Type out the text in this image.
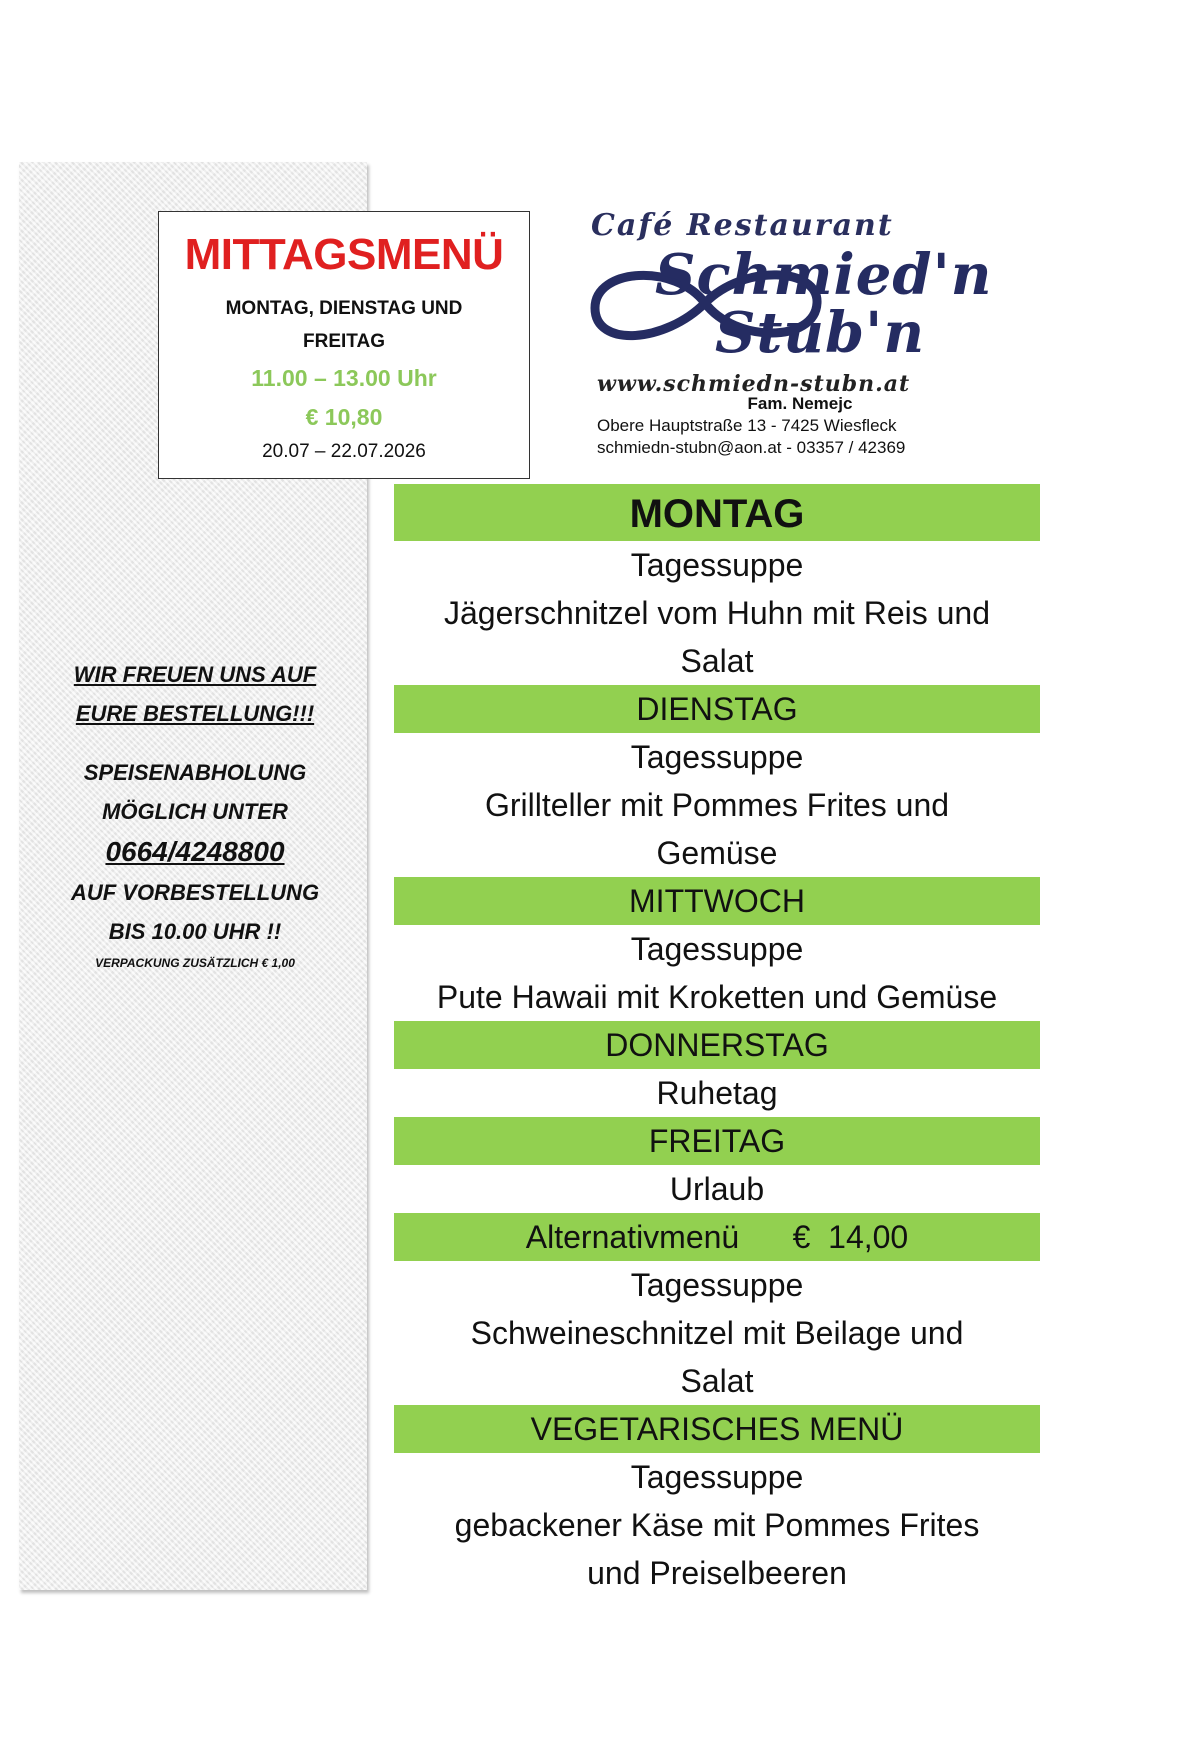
MITTAGSMENÜ
MONTAG, DIENSTAG UND FREITAG
11.00 – 13.00 Uhr
€ 10,80
20.07 – 22.07.2026
Café Restaurant
Schmied'n
Stub'n
www.schmiedn-stubn.at
Fam. Nemejc
Obere Hauptstraße 13 - 7425 Wiesfleck
schmiedn-stubn@aon.at - 03357 / 42369
WIR FREUEN UNS AUF
EURE BESTELLUNG!!!
SPEISENABHOLUNG
MÖGLICH UNTER
0664/4248800
AUF VORBESTELLUNG
BIS 10.00 UHR !!
VERPACKUNG ZUSÄTZLICH € 1,00
MONTAG
Tagessuppe
Jägerschnitzel vom Huhn mit Reis und
Salat
DIENSTAG
Tagessuppe
Grillteller mit Pommes Frites und
Gemüse
MITTWOCH
Tagessuppe
Pute Hawaii mit Kroketten und Gemüse
DONNERSTAG
Ruhetag
FREITAG
Urlaub
Alternativmenü      €  14,00
Tagessuppe
Schweineschnitzel mit Beilage und
Salat
VEGETARISCHES MENÜ
Tagessuppe
gebackener Käse mit Pommes Frites
und Preiselbeeren
